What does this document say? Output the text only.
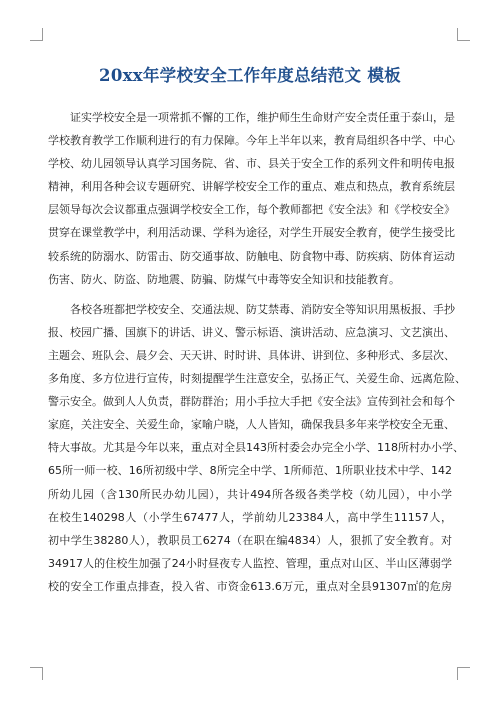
20xx年学校安全工作年度总结范文 模板
证实学校安全是一项常抓不懈的工作，维护师生生命财产安全责任重于泰山，是
学校教育教学工作顺利进行的有力保障。今年上半年以来，教育局组织各中学、中心
学校、幼儿园领导认真学习国务院、省、市、县关于安全工作的系列文件和明传电报
精神，利用各种会议专题研究、讲解学校安全工作的重点、难点和热点，教育系统层
层领导每次会议都重点强调学校安全工作，每个教师都把《安全法》和《学校安全》
贯穿在课堂教学中，利用活动课、学科为途径，对学生开展安全教育，使学生接受比
较系统的防溺水、防雷击、防交通事故、防触电、防食物中毒、防疾病、防体育运动
伤害、防火、防盗、防地震、防骗、防煤气中毒等安全知识和技能教育。
各校各班都把学校安全、交通法规、防艾禁毒、消防安全等知识用黑板报、手抄
报、校园广播、国旗下的讲话、讲义、警示标语、演讲活动、应急演习、文艺演出、
主题会、班队会、晨夕会、天天讲、时时讲、具体讲、讲到位、多种形式、多层次、
多角度、多方位进行宣传，时刻提醒学生注意安全，弘扬正气、关爱生命、远离危险、
警示安全。做到人人负责，群防群治；用小手拉大手把《安全法》宣传到社会和每个
家庭，关注安全、关爱生命，家喻户晓，人人皆知，确保我县多年来学校安全无重、
特大事故。尤其是今年以来，重点对全县143所村委会办完全小学、118所村办小学、
65所一师一校、16所初级中学、8所完全中学、1所师范、1所职业技术中学、142
所幼儿园（含130所民办幼儿园），共计494所各级各类学校（幼儿园），中小学
在校生140298人（小学生67477人，学前幼儿23384人，高中学生11157人，
初中学生38280人），教职员工6274（在职在编4834）人，狠抓了安全教育。对
34917人的住校生加强了24小时昼夜专人监控、管理，重点对山区、半山区薄弱学
校的安全工作重点排查，投入省、市资金613.6万元，重点对全县91307㎡的危房
